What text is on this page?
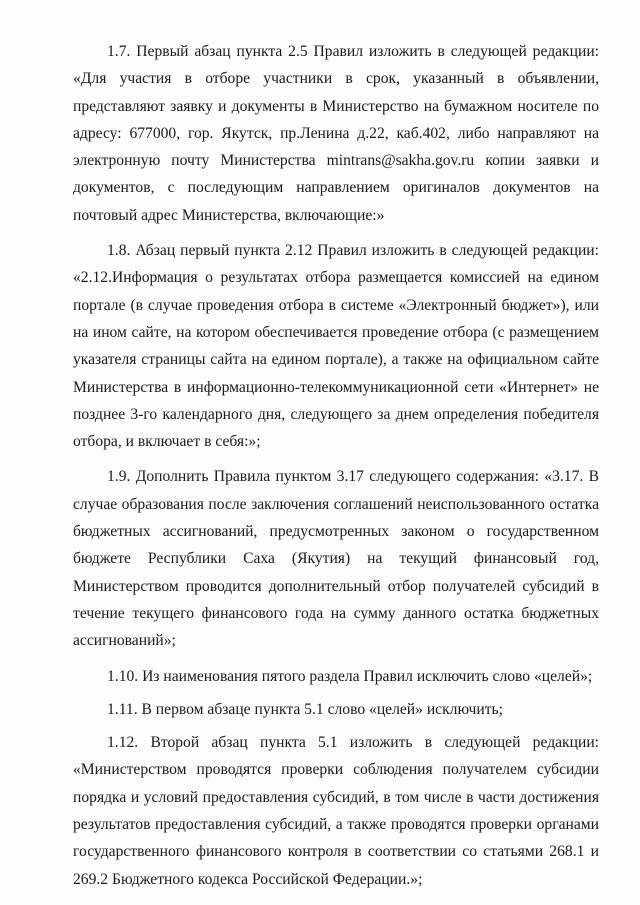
1.7. Первый абзац пункта 2.5 Правил изложить в следующей редакции: «Для участия в отборе участники в срок, указанный в объявлении, представляют заявку и документы в Министерство на бумажном носителе по адресу: 677000, гор. Якутск, пр.Ленина д.22, каб.402, либо направляют на электронную почту Министерства mintrans@sakha.gov.ru копии заявки и документов, с последующим направлением оригиналов документов на почтовый адрес Министерства, включающие:»

1.8. Абзац первый пункта 2.12 Правил изложить в следующей редакции: «2.12.Информация о результатах отбора размещается комиссией на едином портале (в случае проведения отбора в системе «Электронный бюджет»), или на ином сайте, на котором обеспечивается проведение отбора (с размещением указателя страницы сайта на едином портале), а также на официальном сайте Министерства в информационно-телекоммуникационной сети «Интернет» не позднее 3-го календарного дня, следующего за днем определения победителя отбора, и включает в себя:»;

1.9. Дополнить Правила пунктом 3.17 следующего содержания: «3.17. В случае образования после заключения соглашений неиспользованного остатка бюджетных ассигнований, предусмотренных законом о государственном бюджете Республики Саха (Якутия) на текущий финансовый год, Министерством проводится дополнительный отбор получателей субсидий в течение текущего финансового года на сумму данного остатка бюджетных ассигнований»;

1.10. Из наименования пятого раздела Правил исключить слово «целей»;

1.11. В первом абзаце пункта 5.1 слово «целей» исключить;

1.12. Второй абзац пункта 5.1 изложить в следующей редакции: «Министерством проводятся проверки соблюдения получателем субсидии порядка и условий предоставления субсидий, в том числе в части достижения результатов предоставления субсидий, а также проводятся проверки органами государственного финансового контроля в соответствии со статьями 268.1 и 269.2 Бюджетного кодекса Российской Федерации.»;
